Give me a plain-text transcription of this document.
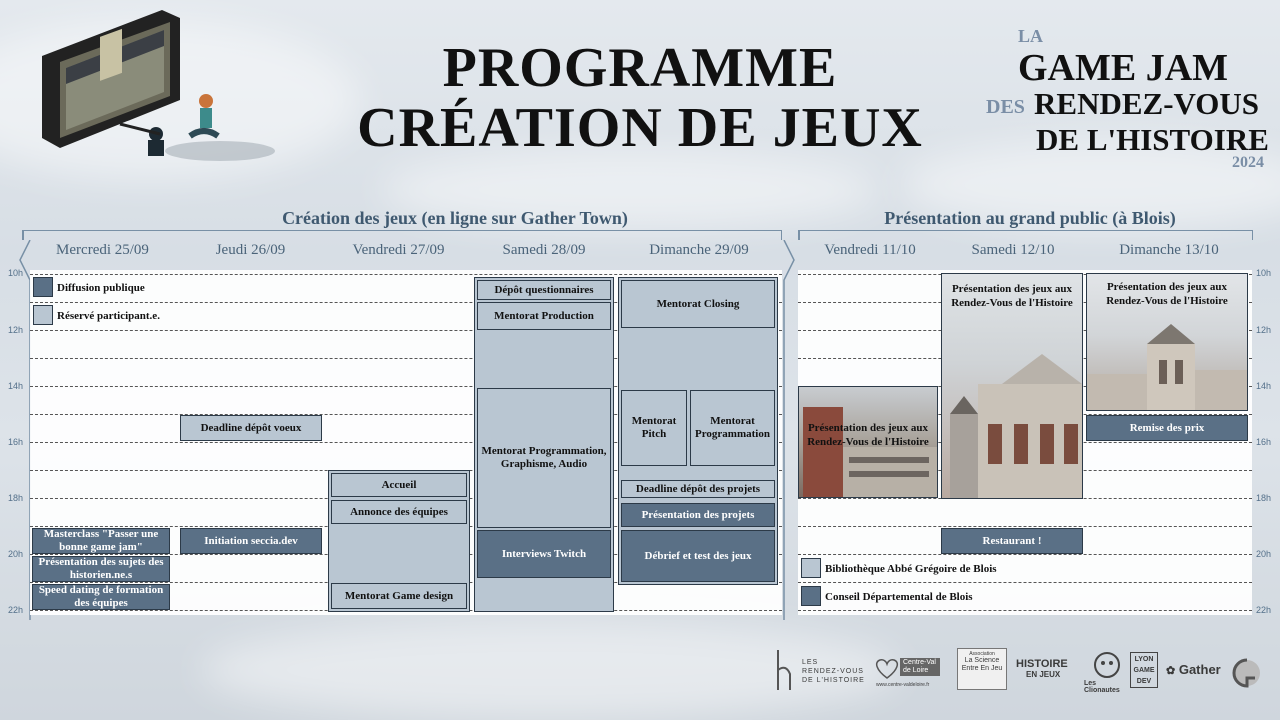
PROGRAMME
CRÉATION DE JEUX
LA
GAME JAM
DES RENDEZ-VOUS
DE L'HISTOIRE
2024
Création des jeux (en ligne sur Gather Town)	Présentation au grand public (à Blois)
Mercredi 25/09	Jeudi 26/09	Vendredi 27/09	Samedi 28/09	Dimanche 29/09	Vendredi 11/10	Samedi 12/10	Dimanche 13/10
10h
12h
14h
16h
18h
20h
22h
10h
12h
14h
16h
18h
20h
22h
Diffusion publique
Réservé participant.e.
Masterclass "Passer une bonne game jam"
Présentation des sujets des historien.ne.s
Speed dating de formation des équipes
Deadline dépôt voeux
Initiation seccia.dev
Accueil
Annonce des équipes
Mentorat Game design
Dépôt questionnaires
Mentorat Production
Mentorat Programmation, Graphisme, Audio
Interviews Twitch
Mentorat Closing
Mentorat Pitch
Mentorat Programmation
Deadline dépôt des projets
Présentation des projets
Débrief et test des jeux
Présentation des jeux aux Rendez-Vous de l'Histoire
Présentation des jeux aux Rendez-Vous de l'Histoire
Restaurant !
Présentation des jeux aux Rendez-Vous de l'Histoire
Remise des prix
Bibliothèque Abbé Grégoire de Blois
Conseil Départemental de Blois
LES
RENDEZ-VOUS
DE L'HISTOIRE
Centre-Val de Loire
www.centre-valdeloire.fr
Association
La Science Entre En Jeu	HISTOIRE
EN JEUX
Les Clionautes
LYON GAME DEV
✿ Gather
